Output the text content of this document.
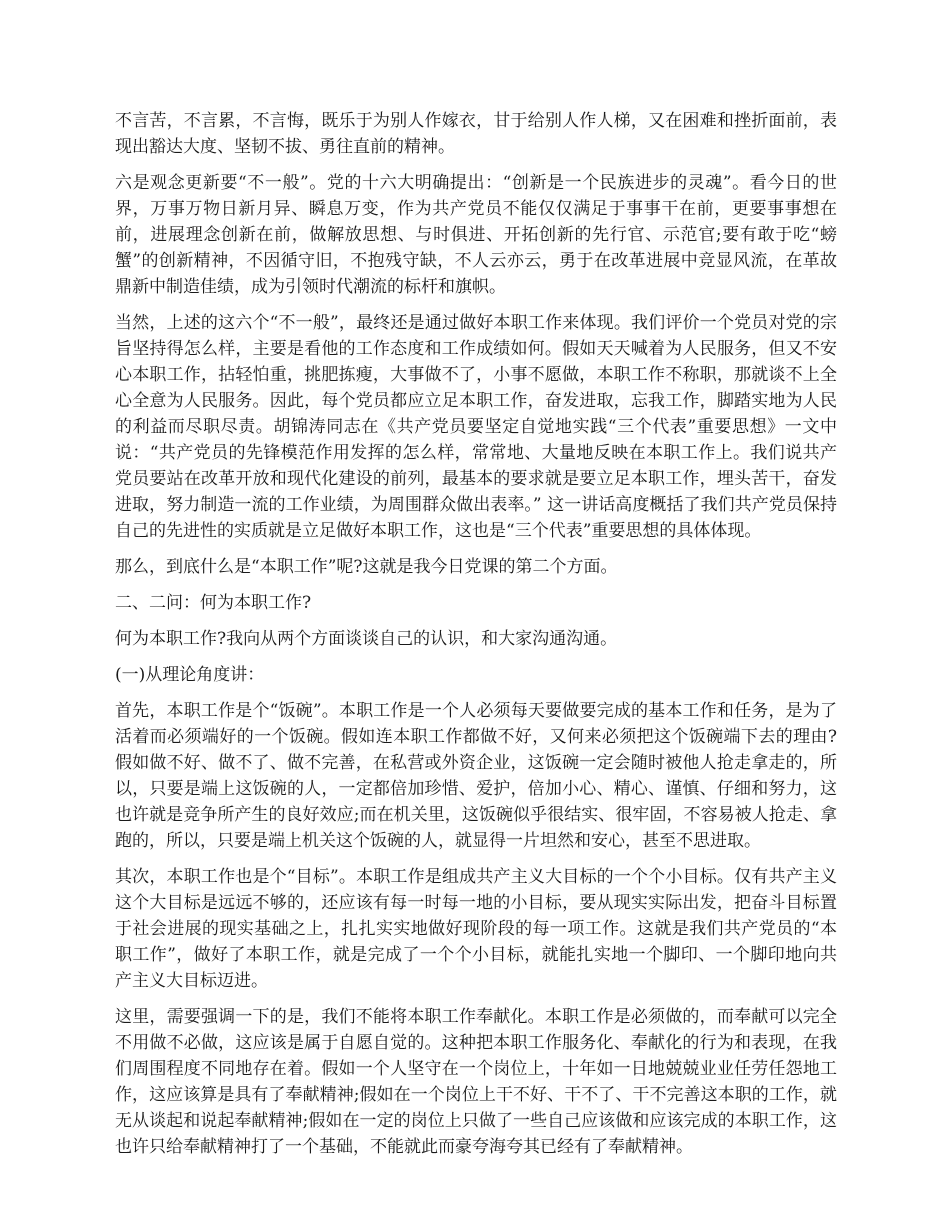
不言苦，不言累，不言悔，既乐于为别人作嫁衣，甘于给别人作人梯，又在困难和挫折面前，表现出豁达大度、坚韧不拔、勇往直前的精神。

六是观念更新要“不一般”。党的十六大明确提出：“创新是一个民族进步的灵魂”。看今日的世界，万事万物日新月异、瞬息万变，作为共产党员不能仅仅满足于事事干在前，更要事事想在前，进展理念创新在前，做解放思想、与时俱进、开拓创新的先行官、示范官;要有敢于吃“螃蟹”的创新精神，不因循守旧，不抱残守缺，不人云亦云，勇于在改革进展中竞显风流，在革故鼎新中制造佳绩，成为引领时代潮流的标杆和旗帜。

当然，上述的这六个“不一般”，最终还是通过做好本职工作来体现。我们评价一个党员对党的宗旨坚持得怎么样，主要是看他的工作态度和工作成绩如何。假如天天喊着为人民服务，但又不安心本职工作，拈轻怕重，挑肥拣瘦，大事做不了，小事不愿做，本职工作不称职，那就谈不上全心全意为人民服务。因此，每个党员都应立足本职工作，奋发进取，忘我工作，脚踏实地为人民的利益而尽职尽责。胡锦涛同志在《共产党员要坚定自觉地实践“三个代表”重要思想》一文中说：“共产党员的先锋模范作用发挥的怎么样，常常地、大量地反映在本职工作上。我们说共产党员要站在改革开放和现代化建设的前列，最基本的要求就是要立足本职工作，埋头苦干，奋发进取，努力制造一流的工作业绩，为周围群众做出表率。” 这一讲话高度概括了我们共产党员保持自己的先进性的实质就是立足做好本职工作，这也是“三个代表”重要思想的具体体现。

那么，到底什么是“本职工作”呢?这就是我今日党课的第二个方面。

二、二问：何为本职工作?

何为本职工作?我向从两个方面谈谈自己的认识，和大家沟通沟通。

(一)从理论角度讲：

首先，本职工作是个“饭碗”。本职工作是一个人必须每天要做要完成的基本工作和任务，是为了活着而必须端好的一个饭碗。假如连本职工作都做不好，又何来必须把这个饭碗端下去的理由?假如做不好、做不了、做不完善，在私营或外资企业，这饭碗一定会随时被他人抢走拿走的，所以，只要是端上这饭碗的人，一定都倍加珍惜、爱护，倍加小心、精心、谨慎、仔细和努力，这也许就是竞争所产生的良好效应;而在机关里，这饭碗似乎很结实、很牢固，不容易被人抢走、拿跑的，所以，只要是端上机关这个饭碗的人，就显得一片坦然和安心，甚至不思进取。

其次，本职工作也是个“目标”。本职工作是组成共产主义大目标的一个个小目标。仅有共产主义这个大目标是远远不够的，还应该有每一时每一地的小目标，要从现实实际出发，把奋斗目标置于社会进展的现实基础之上，扎扎实实地做好现阶段的每一项工作。这就是我们共产党员的“本职工作”，做好了本职工作，就是完成了一个个小目标，就能扎实地一个脚印、一个脚印地向共产主义大目标迈进。

这里，需要强调一下的是，我们不能将本职工作奉献化。本职工作是必须做的，而奉献可以完全不用做不必做，这应该是属于自愿自觉的。这种把本职工作服务化、奉献化的行为和表现，在我们周围程度不同地存在着。假如一个人坚守在一个岗位上，十年如一日地兢兢业业任劳任怨地工作，这应该算是具有了奉献精神;假如在一个岗位上干不好、干不了、干不完善这本职的工作，就无从谈起和说起奉献精神;假如在一定的岗位上只做了一些自己应该做和应该完成的本职工作，这也许只给奉献精神打了一个基础，不能就此而豪夸海夸其已经有了奉献精神。
